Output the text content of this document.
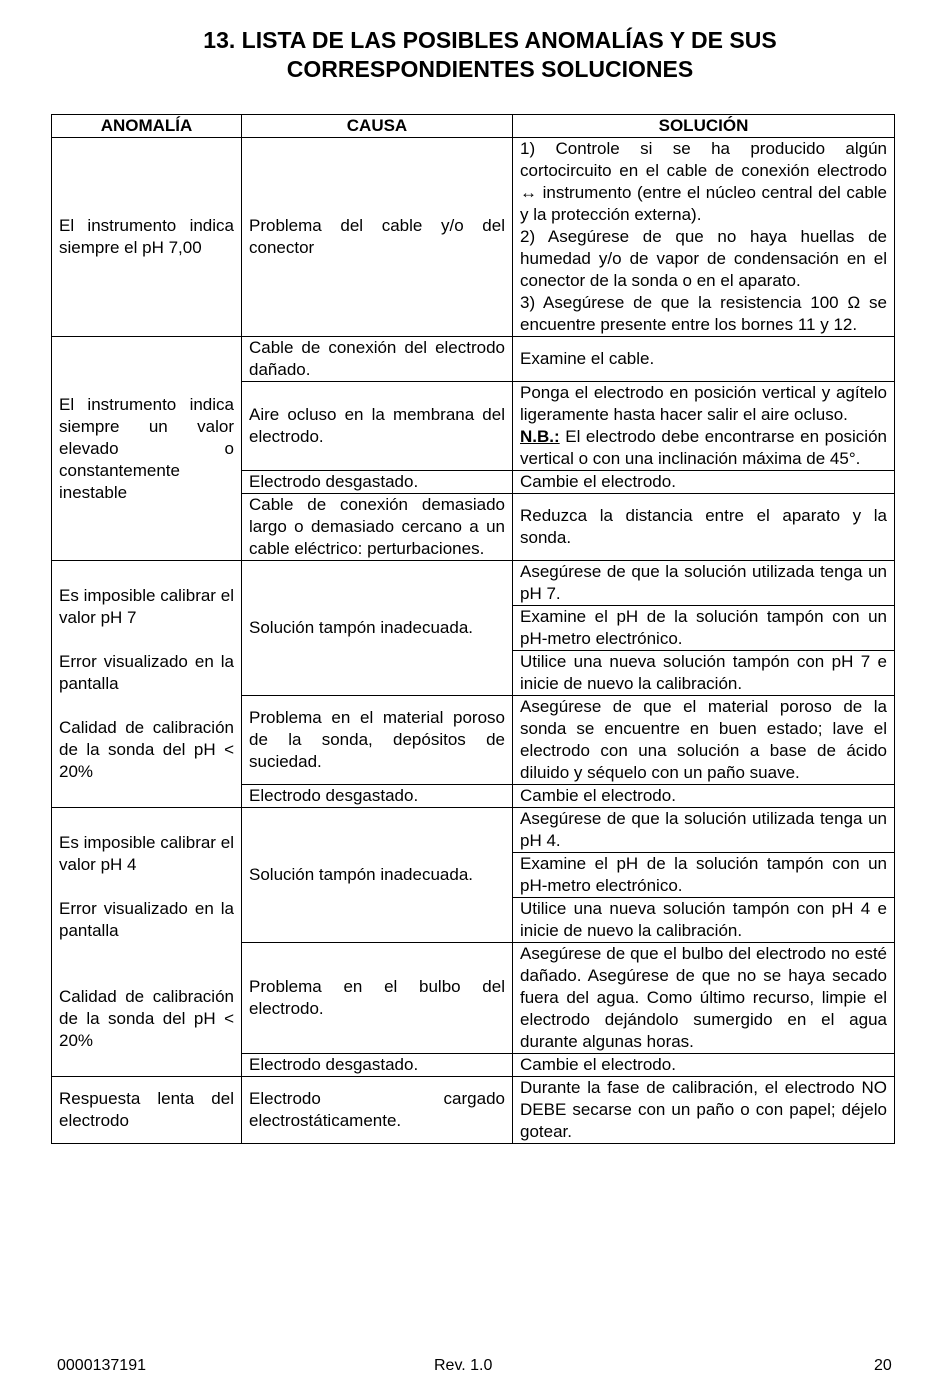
13. LISTA DE LAS POSIBLES ANOMALÍAS Y DE SUS
CORRESPONDIENTES SOLUCIONES
ANOMALÍA	CAUSA	SOLUCIÓN
El instrumento indica siempre el pH 7,00	Problema del cable y/o del conector	1) Controle si se ha producido algún cortocircuito en el cable de conexión electrodo ↔ instrumento (entre el núcleo central del cable y la protección externa).
2) Asegúrese de que no haya huellas de humedad y/o de vapor de condensación en el conector de la sonda o en el aparato.
3) Asegúrese de que la resistencia 100 Ω se encuentre presente entre los bornes 11 y 12.

El instrumento indica siempre un valor elevado o constantemente inestable	Cable de conexión del electrodo dañado.	Examine el cable.
	Aire ocluso en la membrana del electrodo.	Ponga el electrodo en posición vertical y agítelo ligeramente hasta hacer salir el aire ocluso.
N.B.: El electrodo debe encontrarse en posición vertical o con una inclinación máxima de 45°.
	Electrodo desgastado.	Cambie el electrodo.
	Cable de conexión demasiado largo o demasiado cercano a un cable eléctrico: perturbaciones.	Reduzca la distancia entre el aparato y la sonda.

Es imposible calibrar el valor pH 7
Error visualizado en la pantalla
Calidad de calibración de la sonda del pH < 20%	Solución tampón inadecuada.	Asegúrese de que la solución utilizada tenga un pH 7.
		Examine el pH de la solución tampón con un pH-metro electrónico.
		Utilice una nueva solución tampón con pH 7 e inicie de nuevo la calibración.
	Problema en el material poroso de la sonda, depósitos de suciedad.	Asegúrese de que el material poroso de la sonda se encuentre en buen estado; lave el electrodo con una solución a base de ácido diluido y séquelo con un paño suave.
	Electrodo desgastado.	Cambie el electrodo.

Es imposible calibrar el valor pH 4
Error visualizado en la pantalla
Calidad de calibración de la sonda del pH < 20%	Solución tampón inadecuada.	Asegúrese de que la solución utilizada tenga un pH 4.
		Examine el pH de la solución tampón con un pH-metro electrónico.
		Utilice una nueva solución tampón con pH 4 e inicie de nuevo la calibración.
	Problema en el bulbo del electrodo.	Asegúrese de que el bulbo del electrodo no esté dañado. Asegúrese de que no se haya secado fuera del agua. Como último recurso, limpie el electrodo dejándolo sumergido en el agua durante algunas horas.
	Electrodo desgastado.	Cambie el electrodo.
Respuesta lenta del electrodo	Electrodo cargado electrostáticamente.	Durante la fase de calibración, el electrodo NO DEBE secarse con un paño o con papel; déjelo gotear.
0000137191	Rev. 1.0	20
